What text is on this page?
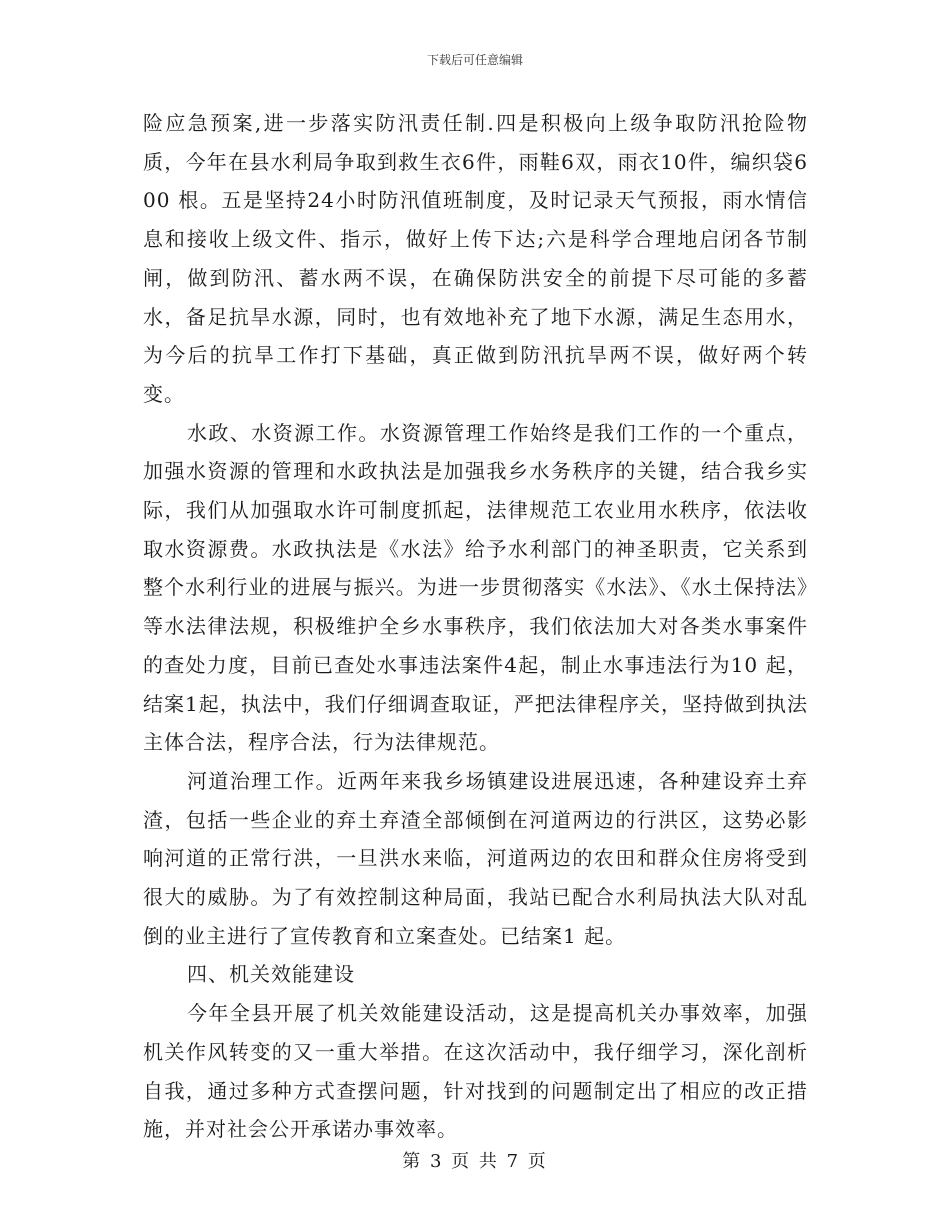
下载后可任意编辑

险应急预案,进一步落实防汛责任制.四是积极向上级争取防汛抢险物质，今年在县水利局争取到救生衣6件，雨鞋6双，雨衣10件，编织袋600 根。五是坚持24小时防汛值班制度，及时记录天气预报，雨水情信息和接收上级文件、指示，做好上传下达;六是科学合理地启闭各节制闸，做到防汛、蓄水两不误，在确保防洪安全的前提下尽可能的多蓄水，备足抗旱水源，同时，也有效地补充了地下水源，满足生态用水，为今后的抗旱工作打下基础，真正做到防汛抗旱两不误，做好两个转变。

水政、水资源工作。水资源管理工作始终是我们工作的一个重点，加强水资源的管理和水政执法是加强我乡水务秩序的关键，结合我乡实际，我们从加强取水许可制度抓起，法律规范工农业用水秩序，依法收取水资源费。水政执法是《水法》给予水利部门的神圣职责，它关系到整个水利行业的进展与振兴。为进一步贯彻落实《水法》、《水土保持法》等水法律法规，积极维护全乡水事秩序，我们依法加大对各类水事案件的查处力度，目前已查处水事违法案件4起，制止水事违法行为10 起，结案1起，执法中，我们仔细调查取证，严把法律程序关，坚持做到执法主体合法，程序合法，行为法律规范。

河道治理工作。近两年来我乡场镇建设进展迅速，各种建设弃土弃渣，包括一些企业的弃土弃渣全部倾倒在河道两边的行洪区，这势必影响河道的正常行洪，一旦洪水来临，河道两边的农田和群众住房将受到很大的威胁。为了有效控制这种局面，我站已配合水利局执法大队对乱倒的业主进行了宣传教育和立案查处。已结案1 起。

四、机关效能建设

今年全县开展了机关效能建设活动，这是提高机关办事效率，加强机关作风转变的又一重大举措。在这次活动中，我仔细学习，深化剖析自我，通过多种方式查摆问题，针对找到的问题制定出了相应的改正措施，并对社会公开承诺办事效率。

第 3 页 共 7 页
